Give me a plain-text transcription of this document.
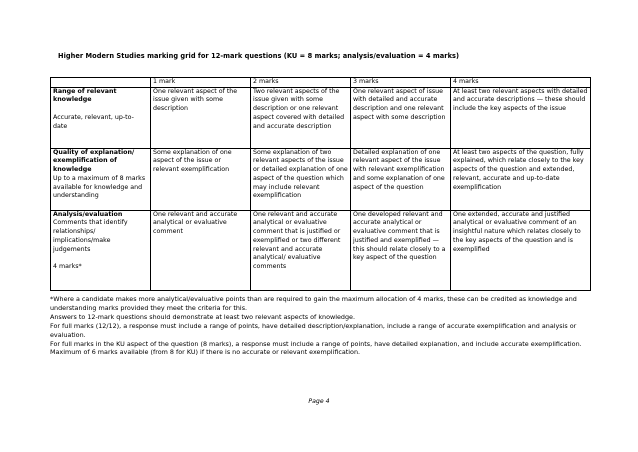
Higher Modern Studies marking grid for 12-mark questions (KU = 8 marks; analysis/evaluation = 4 marks)
	1 mark	2 marks	3 marks	4 marks

Range of relevant knowledge
Accurate, relevant, up-to-date	One relevant aspect of the issue given with some description	Two relevant aspects of the issue given with some description or one relevant aspect covered with detailed and accurate description	One relevant aspect of issue with detailed and accurate description and one relevant aspect with some description	At least two relevant aspects with detailed and accurate descriptions — these should include the key aspects of the issue

Quality of explanation/ exemplification of knowledge
Up to a maximum of 8 marks available for knowledge and understanding	Some explanation of one aspect of the issue or relevant exemplification	Some explanation of two relevant aspects of the issue or detailed explanation of one aspect of the question which may include relevant exemplification	Detailed explanation of one relevant aspect of the issue with relevant exemplification and some explanation of one aspect of the question	At least two aspects of the question, fully explained, which relate closely to the key aspects of the question and extended, relevant, accurate and up-to-date exemplification

Analysis/evaluation
Comments that identify relationships/ implications/make judgements
4 marks*	One relevant and accurate analytical or evaluative comment	One relevant and accurate analytical or evaluative comment that is justified or exemplified or two different relevant and accurate analytical/ evaluative comments	One developed relevant and accurate analytical or evaluative comment that is justified and exemplified — this should relate closely to a key aspect of the question	One extended, accurate and justified analytical or evaluative comment of an insightful nature which relates closely to the key aspects of the question and is exemplified
*Where a candidate makes more analytical/evaluative points than are required to gain the maximum allocation of 4 marks, these can be credited as knowledge and understanding marks provided they meet the criteria for this.
Answers to 12-mark questions should demonstrate at least two relevant aspects of knowledge.
For full marks (12/12), a response must include a range of points, have detailed description/explanation, include a range of accurate exemplification and analysis or evaluation.
For full marks in the KU aspect of the question (8 marks), a response must include a range of points, have detailed explanation, and include accurate exemplification. Maximum of 6 marks available (from 8 for KU) if there is no accurate or relevant exemplification.
Page 4
